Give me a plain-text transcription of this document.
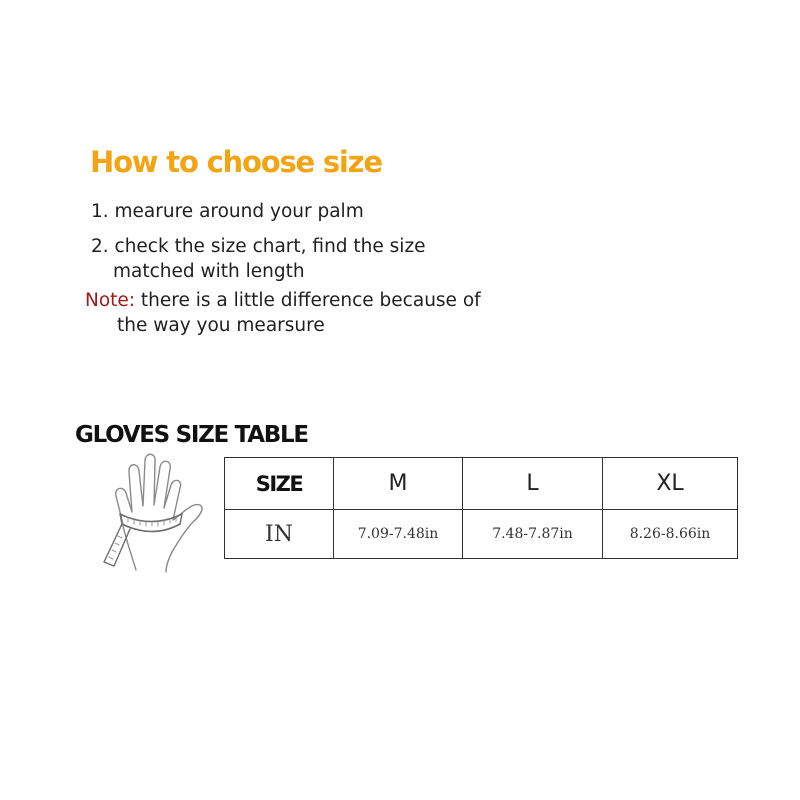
How to choose size

1. mearure around your palm

2. check the size chart, find the size

matched with length

Note: there is a little difference because of

the way you mearsure

GLOVES SIZE TABLE
SIZE	M	L	XL
IN	7.09-7.48in	7.48-7.87in	8.26-8.66in
